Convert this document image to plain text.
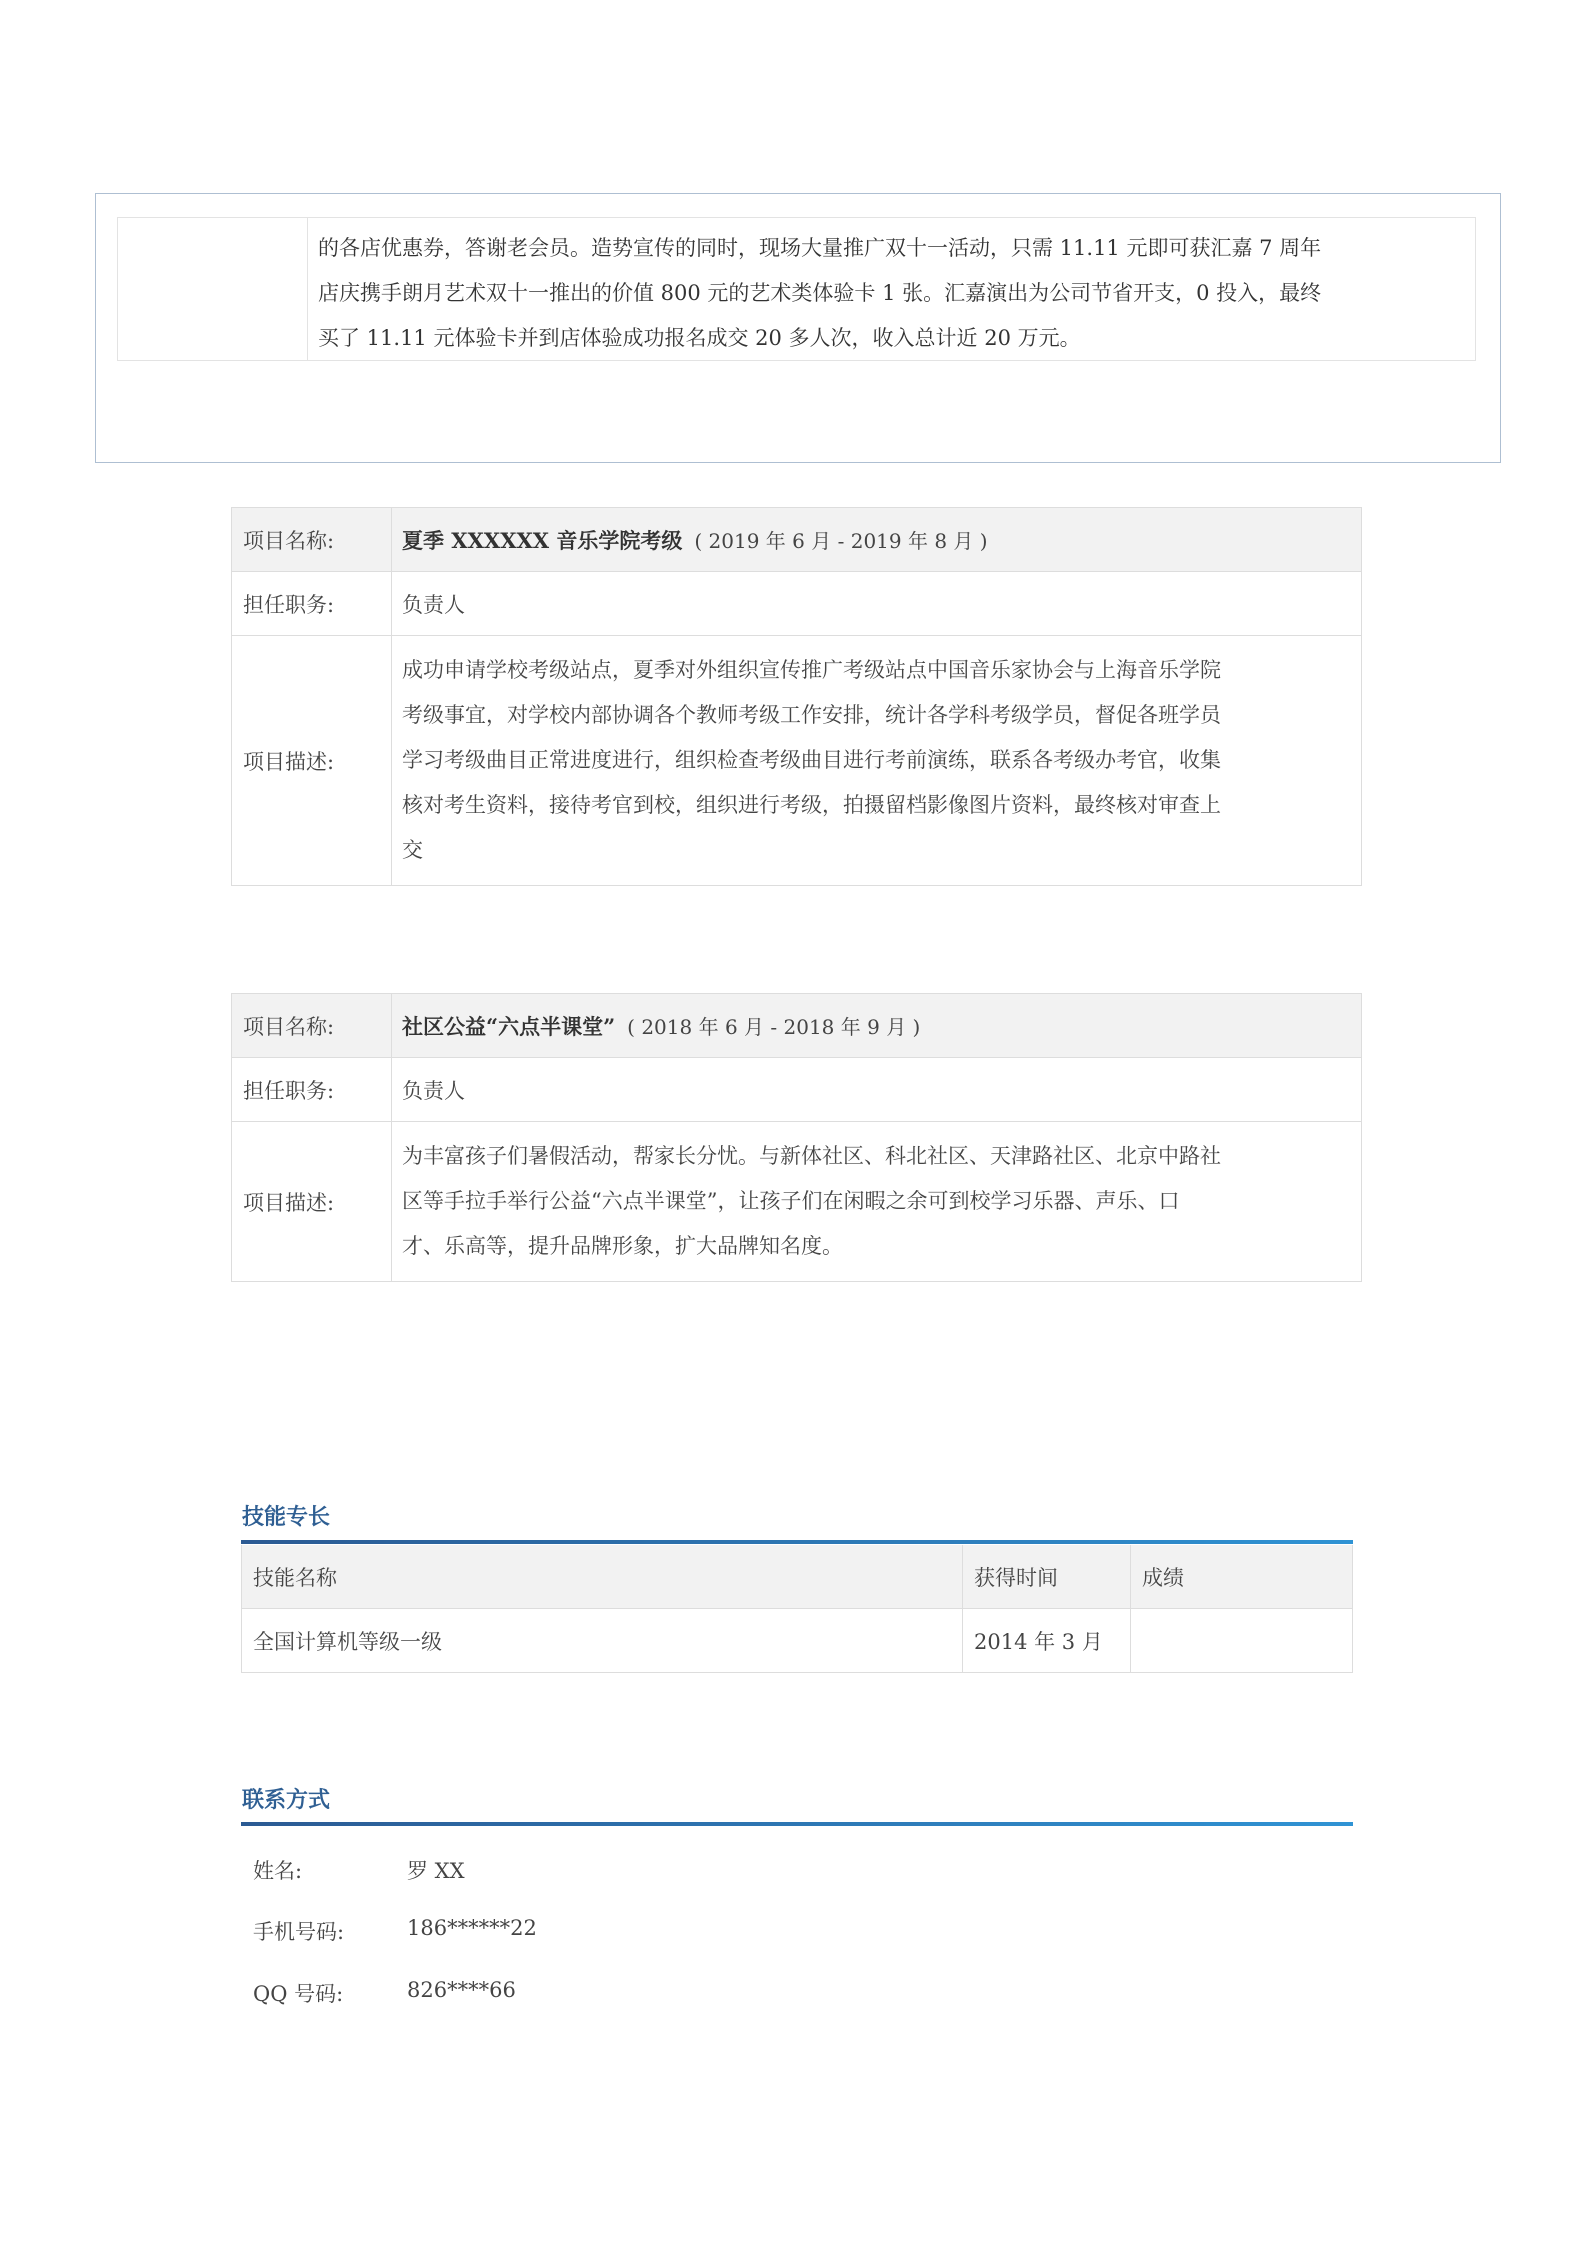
的各店优惠券，答谢老会员。造势宣传的同时，现场大量推广双十一活动，只需 11.11 元即可获汇嘉 7 周年
店庆携手朗月艺术双十一推出的价值 800 元的艺术类体验卡 1 张。汇嘉演出为公司节省开支，0 投入，最终
买了 11.11 元体验卡并到店体验成功报名成交 20 多人次，收入总计近 20 万元。
项目名称:	夏季 XXXXXX 音乐学院考级 ( 2019 年 6 月 - 2019 年 8 月 )
担任职务:	负责人
项目描述:
成功申请学校考级站点，夏季对外组织宣传推广考级站点中国音乐家协会与上海音乐学院
考级事宜，对学校内部协调各个教师考级工作安排，统计各学科考级学员，督促各班学员
学习考级曲目正常进度进行，组织检查考级曲目进行考前演练，联系各考级办考官，收集
核对考生资料，接待考官到校，组织进行考级，拍摄留档影像图片资料，最终核对审查上
交
项目名称:	社区公益“六点半课堂” ( 2018 年 6 月 - 2018 年 9 月 )
担任职务:	负责人
项目描述:
为丰富孩子们暑假活动，帮家长分忧。与新体社区、科北社区、天津路社区、北京中路社
区等手拉手举行公益“六点半课堂”，让孩子们在闲暇之余可到校学习乐器、声乐、口
才、乐高等，提升品牌形象，扩大品牌知名度。
技能专长
技能名称	获得时间	成绩
全国计算机等级一级	2014 年 3 月
联系方式
姓名:	罗 XX
手机号码:	186******22
QQ 号码:	826****66
